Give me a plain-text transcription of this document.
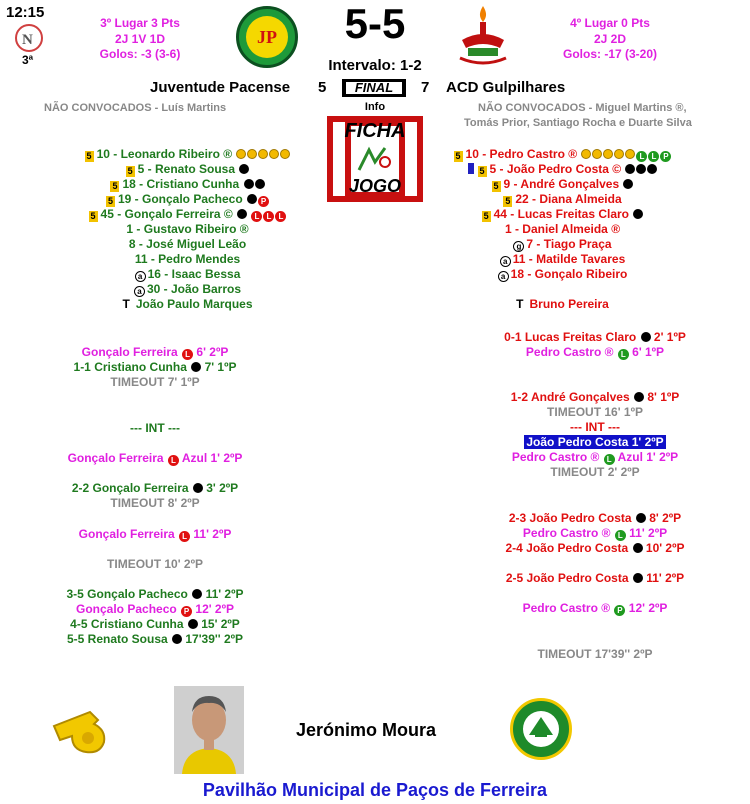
12:15
N
3ª
3º Lugar 3 Pts
2J 1V 1D
Golos: -3 (3-6)
JP	5-5
Intervalo: 1-2
4º Lugar 0 Pts
2J 2D
Golos: -17 (3-20)
Juventude Pacense 5	FINAL	7 ACD Gulpilhares
NÃO CONVOCADOS - Luís Martins	Info	NÃO CONVOCADOS - Miguel Martins ®,
Tomás Prior, Santiago Rocha e Duarte Silva
FICHA
JOGO
5 10 - Leonardo Ribeiro ®
5 5 - Renato Sousa
5 18 - Cristiano Cunha
5 19 - Gonçalo Pacheco P
5 45 - Gonçalo Ferreira ©	L L L
1 - Gustavo Ribeiro ®
8 - José Miguel Leão
11 - Pedro Mendes
a 16 - Isaac Bessa
a 30 - João Barros
T João Paulo Marques
5 10 - Pedro Castro ®	L L P
5 5 - João Pedro Costa ©
5 9 - André Gonçalves
5 22 - Diana Almeida
5 44 - Lucas Freitas Claro
1 - Daniel Almeida ®
g 7 - Tiago Praça
a 11 - Matilde Tavares
a 18 - Gonçalo Ribeiro
T Bruno Pereira
Gonçalo Ferreira L 6' 2ºP
1-1 Cristiano Cunha 7' 1ºP
TIMEOUT 7' 1ºP
--- INT ---
Gonçalo Ferreira L Azul 1' 2ºP
2-2 Gonçalo Ferreira 3' 2ºP
TIMEOUT 8' 2ºP
Gonçalo Ferreira L 11' 2ºP
TIMEOUT 10' 2ºP
3-5 Gonçalo Pacheco 11' 2ºP
Gonçalo Pacheco P 12' 2ºP
4-5 Cristiano Cunha 15' 2ºP
5-5 Renato Sousa 17'39'' 2ºP
0-1 Lucas Freitas Claro 2' 1ºP
Pedro Castro ® L 6' 1ºP
1-2 André Gonçalves 8' 1ºP
TIMEOUT 16' 1ºP
--- INT ---
João Pedro Costa 1' 2ºP
Pedro Castro ® L Azul 1' 2ºP
TIMEOUT 2' 2ºP
2-3 João Pedro Costa 8' 2ºP
Pedro Castro ® L 11' 2ºP
2-4 João Pedro Costa 10' 2ºP
2-5 João Pedro Costa 11' 2ºP
Pedro Castro ® P 12' 2ºP
TIMEOUT 17'39'' 2ºP
Jerónimo Moura
Pavilhão Municipal de Paços de Ferreira
